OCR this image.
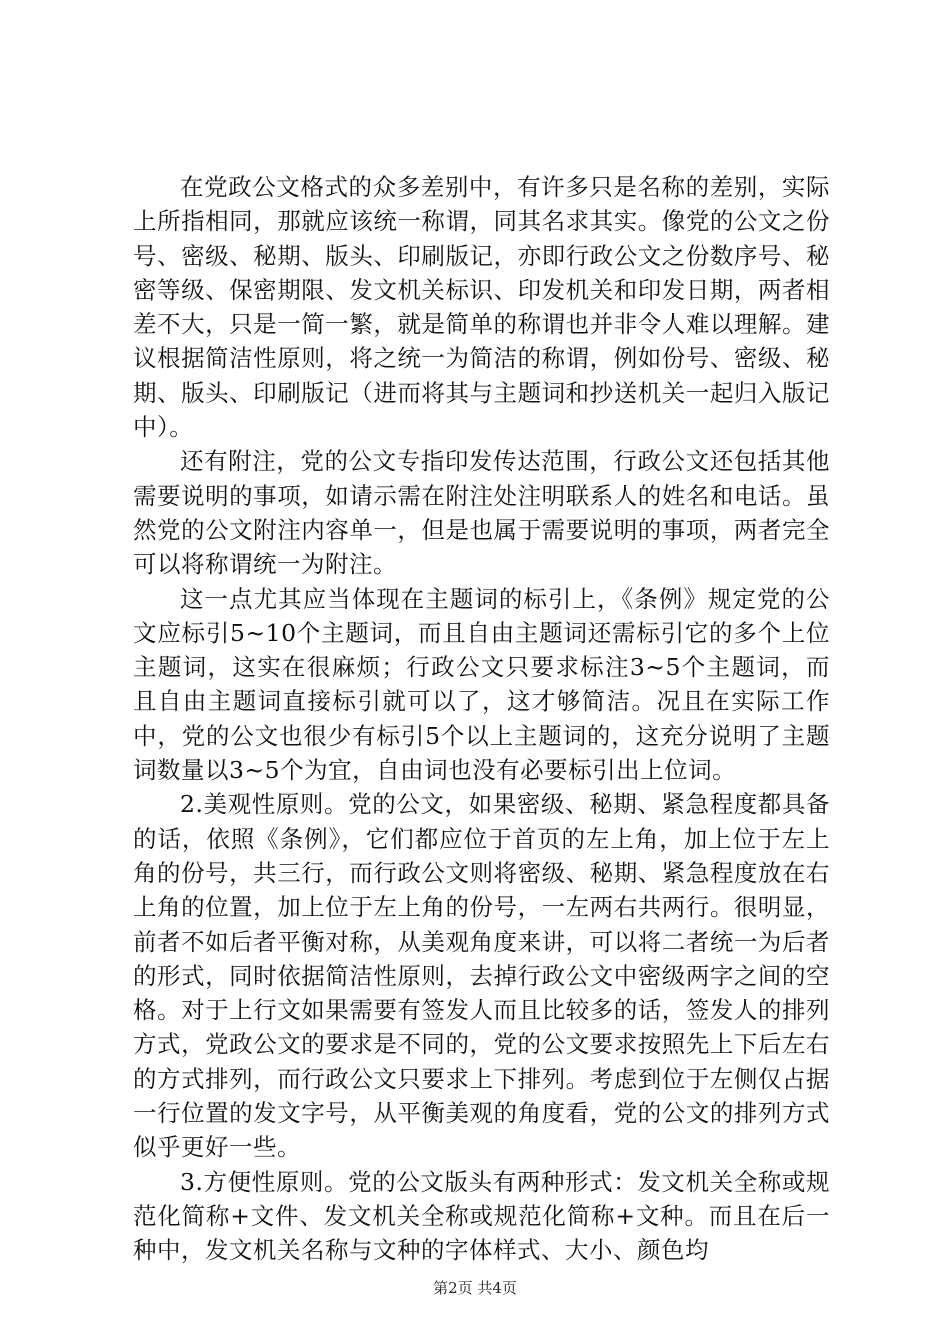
在党政公文格式的众多差别中，有许多只是名称的差别，实际上所指相同，那就应该统一称谓，同其名求其实。像党的公文之份号、密级、秘期、版头、印刷版记，亦即行政公文之份数序号、秘密等级、保密期限、发文机关标识、印发机关和印发日期，两者相差不大，只是一简一繁，就是简单的称谓也并非令人难以理解。建议根据简洁性原则，将之统一为简洁的称谓，例如份号、密级、秘期、版头、印刷版记（进而将其与主题词和抄送机关一起归入版记中）。

还有附注，党的公文专指印发传达范围，行政公文还包括其他需要说明的事项，如请示需在附注处注明联系人的姓名和电话。虽然党的公文附注内容单一，但是也属于需要说明的事项，两者完全可以将称谓统一为附注。

这一点尤其应当体现在主题词的标引上，《条例》规定党的公文应标引5~10个主题词，而且自由主题词还需标引它的多个上位主题词，这实在很麻烦；行政公文只要求标注3~5个主题词，而且自由主题词直接标引就可以了，这才够简洁。况且在实际工作中，党的公文也很少有标引5个以上主题词的，这充分说明了主题词数量以3~5个为宜，自由词也没有必要标引出上位词。

2.美观性原则。党的公文，如果密级、秘期、紧急程度都具备的话，依照《条例》，它们都应位于首页的左上角，加上位于左上角的份号，共三行，而行政公文则将密级、秘期、紧急程度放在右上角的位置，加上位于左上角的份号，一左两右共两行。很明显，前者不如后者平衡对称，从美观角度来讲，可以将二者统一为后者的形式，同时依据简洁性原则，去掉行政公文中密级两字之间的空格。对于上行文如果需要有签发人而且比较多的话，签发人的排列方式，党政公文的要求是不同的，党的公文要求按照先上下后左右的方式排列，而行政公文只要求上下排列。考虑到位于左侧仅占据一行位置的发文字号，从平衡美观的角度看，党的公文的排列方式似乎更好一些。

3.方便性原则。党的公文版头有两种形式：发文机关全称或规范化简称+文件、发文机关全称或规范化简称+文种。而且在后一种中，发文机关名称与文种的字体样式、大小、颜色均

第2页 共4页
